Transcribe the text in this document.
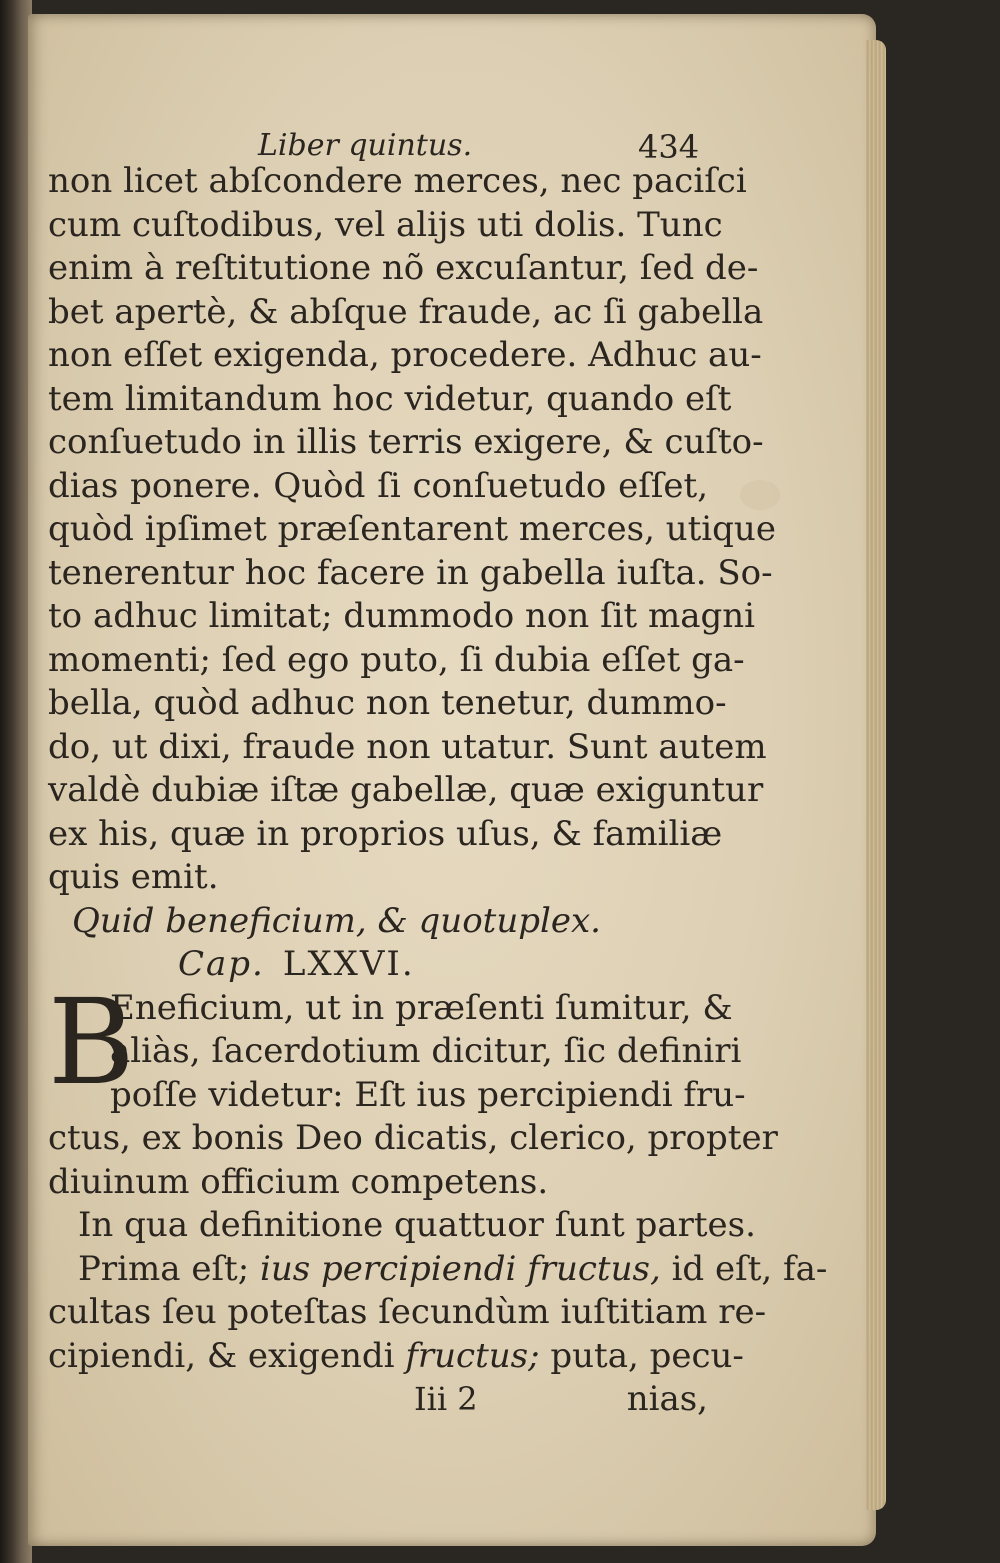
Liber quintus.	434
non licet abſcondere merces, nec paciſci
cum cuſtodibus, vel alijs uti dolis. Tunc
enim à reſtitutione nõ excuſantur, ſed de-
bet apertè, & abſque fraude, ac ſi gabella
non eſſet exigenda, procedere. Adhuc au-
tem limitandum hoc videtur, quando eſt
conſuetudo in illis terris exigere, & cuſto-
dias ponere. Quòd ſi conſuetudo eſſet,
quòd ipſimet præſentarent merces, utique
tenerentur hoc facere in gabella iuſta. So-
to adhuc limitat; dummodo non ſit magni
momenti; ſed ego puto, ſi dubia eſſet ga-
bella, quòd adhuc non tenetur, dummo-
do, ut dixi, fraude non utatur. Sunt autem
valdè dubiæ iſtæ gabellæ, quæ exiguntur
ex his, quæ in proprios uſus, & familiæ
quis emit.
Quid beneficium, & quotuplex.
Cap. LXXVI.
B
Eneficium, ut in præſenti ſumitur, &
aliàs, ſacerdotium dicitur, ſic definiri
poſſe videtur: Eſt ius percipiendi fru-
ctus, ex bonis Deo dicatis, clerico, propter
diuinum officium competens.
In qua definitione quattuor ſunt partes.
Prima eſt; ius percipiendi fructus, id eſt, fa-
cultas ſeu poteſtas ſecundùm iuſtitiam re-
cipiendi, & exigendi fructus; puta, pecu-
Iii 2	nias,
